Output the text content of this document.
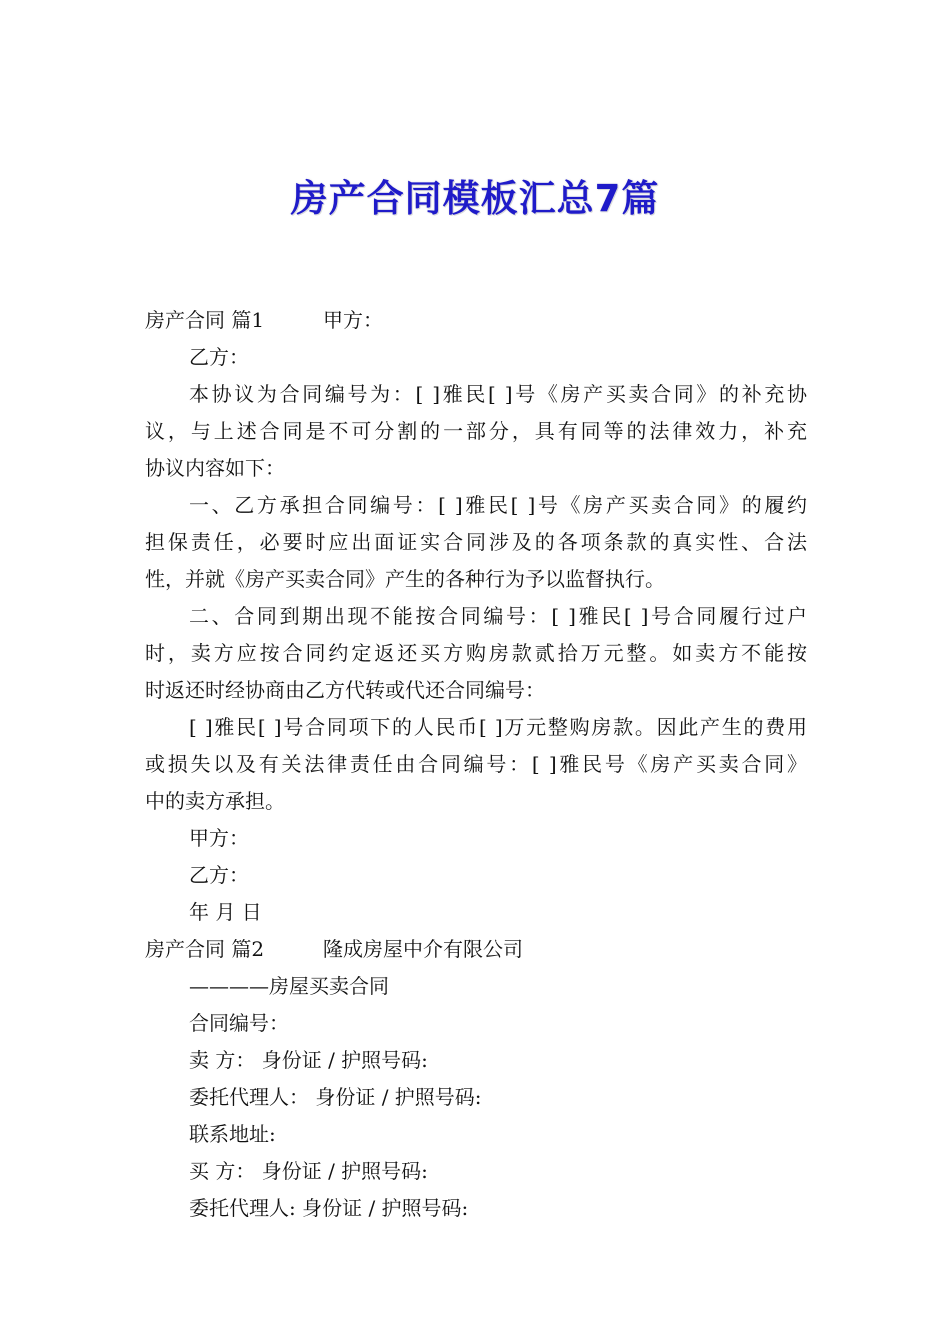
房产合同模板汇总7篇
房产合同 篇1	甲方：
乙方：
本协议为合同编号为：[ ]雅民[ ]号《房产买卖合同》的补充协
议，与上述合同是不可分割的一部分，具有同等的法律效力，补充
协议内容如下：
一、乙方承担合同编号：[ ]雅民[ ]号《房产买卖合同》的履约
担保责任，必要时应出面证实合同涉及的各项条款的真实性、合法
性，并就《房产买卖合同》产生的各种行为予以监督执行。
二、合同到期出现不能按合同编号：[ ]雅民[ ]号合同履行过户
时，卖方应按合同约定返还买方购房款贰拾万元整。如卖方不能按
时返还时经协商由乙方代转或代还合同编号：
[ ]雅民[ ]号合同项下的人民币[ ]万元整购房款。因此产生的费用
或损失以及有关法律责任由合同编号：[ ]雅民号《房产买卖合同》
中的卖方承担。
甲方：
乙方：
年 月 日
房产合同 篇2	隆成房屋中介有限公司
————房屋买卖合同
合同编号：
卖 方： 身份证 / 护照号码:
委托代理人： 身份证 / 护照号码:
联系地址:
买 方： 身份证 / 护照号码:
委托代理人: 身份证 / 护照号码:
